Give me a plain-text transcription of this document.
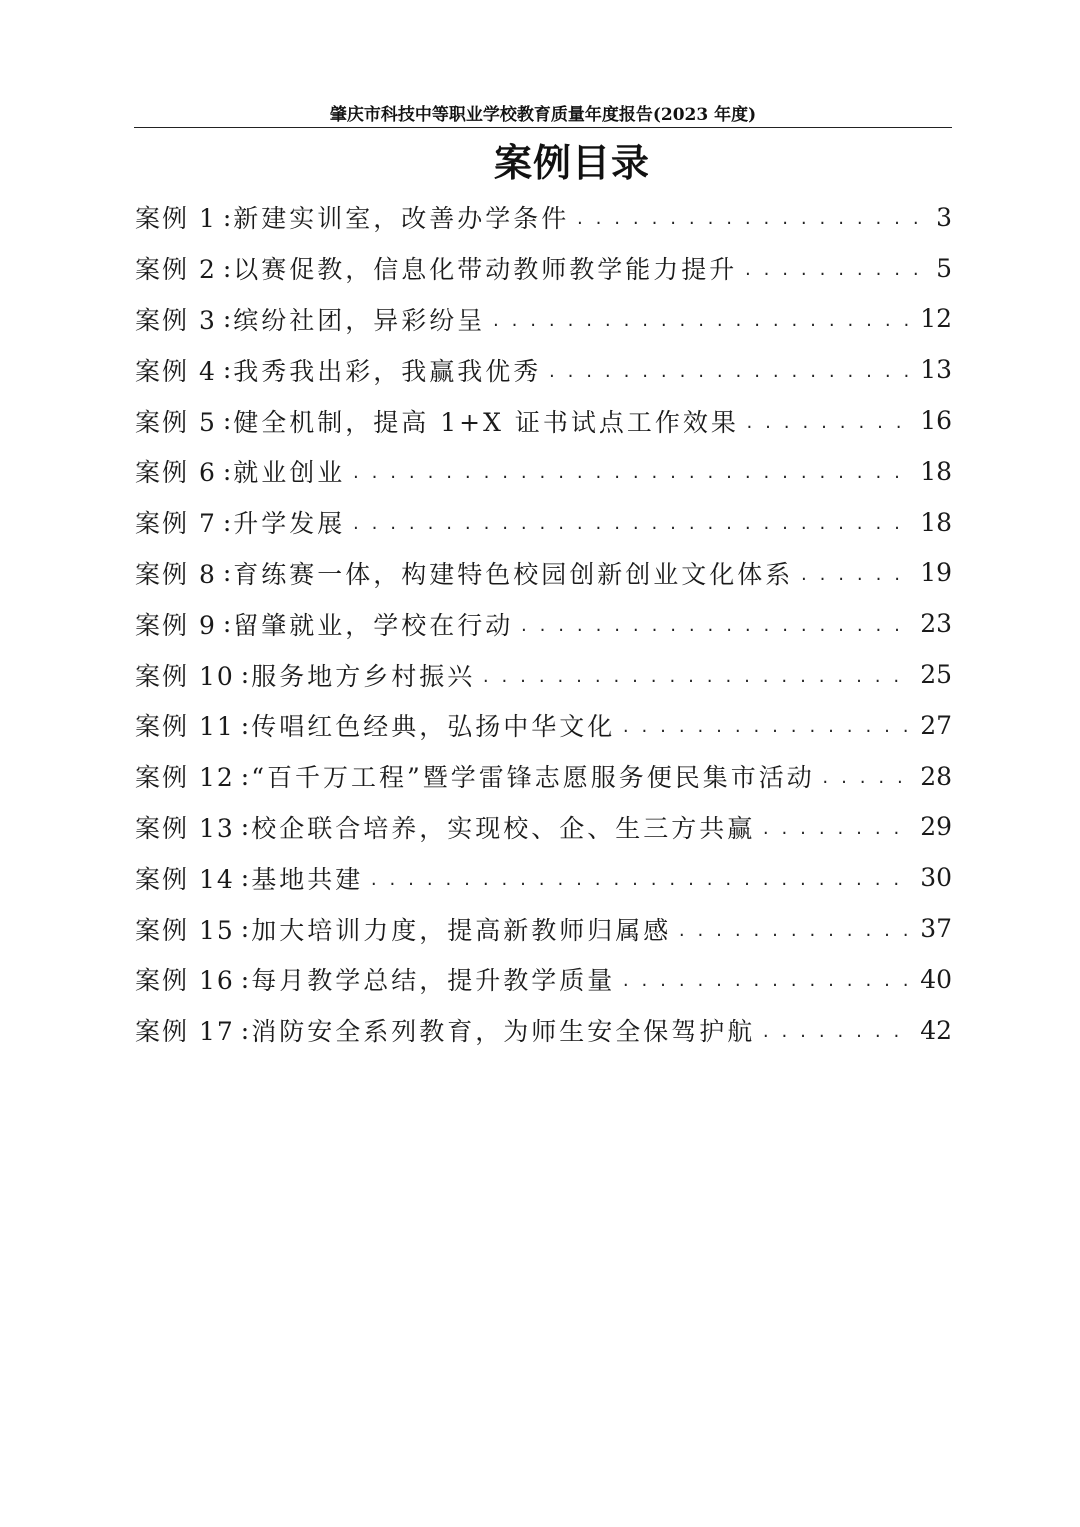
肇庆市科技中等职业学校教育质量年度报告(2023 年度)
案例目录
案例 1 : 新建实训室，改善办学条件 . . .	3
案例 2 : 以赛促教，信息化带动教师教学能力提升 . . .	5
案例 3 : 缤纷社团，异彩纷呈 . . .	12
案例 4 : 我秀我出彩，我赢我优秀 . . .	13
案例 5 : 健全机制，提高 1+X 证书试点工作效果 . . .	16
案例 6 : 就业创业 . . .	18
案例 7 : 升学发展 . . .	18
案例 8 : 育练赛一体，构建特色校园创新创业文化体系 . . .	19
案例 9 : 留肇就业，学校在行动 . . .	23
案例 10 : 服务地方乡村振兴 . . .	25
案例 11 : 传唱红色经典，弘扬中华文化 . . .	27
案例 12 : “百千万工程”暨学雷锋志愿服务便民集市活动 . . .	28
案例 13 : 校企联合培养，实现校、企、生三方共赢 . . .	29
案例 14 : 基地共建 . . .	30
案例 15 : 加大培训力度，提高新教师归属感 . . .	37
案例 16 : 每月教学总结，提升教学质量 . . .	40
案例 17 : 消防安全系列教育，为师生安全保驾护航 . . .	42
